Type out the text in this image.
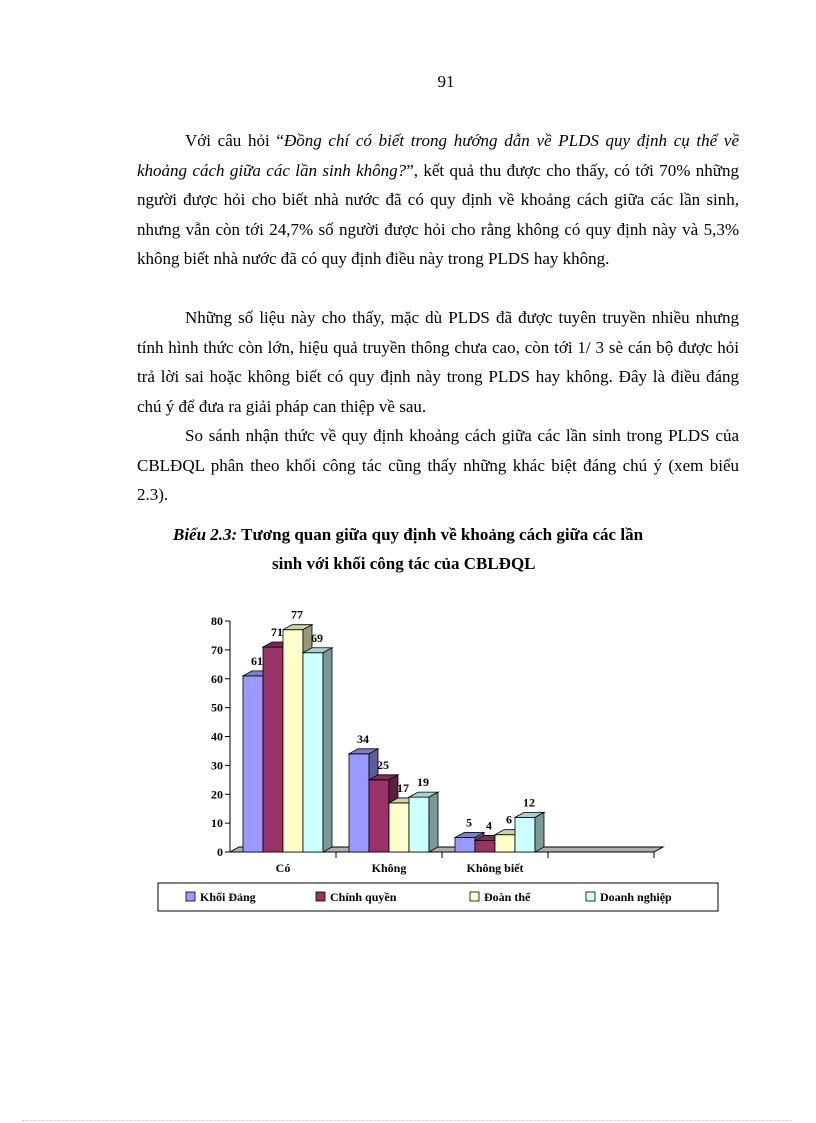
91

Với câu hỏi “Đồng chí có biết trong hướng dẫn về PLDS quy định cụ thể về khoảng cách giữa các lần sinh không?”, kết quả thu được cho thấy, có tới 70% những người được hỏi cho biết nhà nước đã có quy định về khoảng cách giữa các lần sinh, nhưng vẫn còn tới 24,7% số người được hỏi cho rằng không có quy định này và 5,3% không biết nhà nước đã có quy định điều này trong PLDS hay không.

Những số liệu này cho thấy, mặc dù PLDS đã được tuyên truyền nhiều nhưng tính hình thức còn lớn, hiệu quả truyền thông chưa cao, còn tới 1/ 3 sè cán bộ được hỏi trả lời sai hoặc không biết có quy định này trong PLDS hay không. Đây là điều đáng chú ý để đưa ra giải pháp can thiệp về sau.

So sánh nhận thức về quy định khoảng cách giữa các lần sinh trong PLDS của CBLĐQL phân theo khối công tác cũng thấy những khác biệt đáng chú ý (xem biểu 2.3).

Biểu 2.3: Tương quan giữa quy định về khoảng cách giữa các lần

sinh với khối công tác của CBLĐQL

0
10
20
30
40
50
60
70
80
Có	Không	Không biết
61
71
77
69
34
25
17 19
5 4 6
12
Khối Đảng	Chính quyền	Đoàn thể	Doanh nghiệp
